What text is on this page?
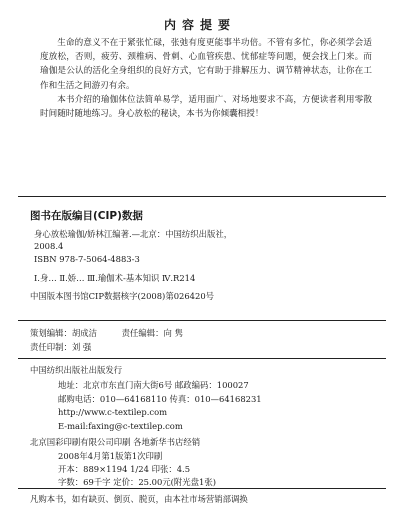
内容提要

生命的意义不在于紧张忙碌，张弛有度更能事半功倍。不管有多忙，你必须学会适度放松，否则，疲劳、颈椎病、骨刺、心血管疾患、忧郁症等问题，便会找上门来。而瑜伽是公认的活化全身组织的良好方式，它有助于排解压力、调节精神状态，让你在工作和生活之间游刃有余。

本书介绍的瑜伽体位法简单易学，适用面广、对场地要求不高，方便读者利用零散时间随时随地练习。身心放松的秘诀，本书为你倾囊相授！

图书在版编目(CIP)数据
身心放松瑜伽/娇林江编著.—北京：中国纺织出版社，
2008.4
ISBN 978-7-5064-4883-3
Ⅰ.身… Ⅱ.娇… Ⅲ.瑜伽术-基本知识 Ⅳ.R214
中国版本图书馆CIP数据核字(2008)第026420号
策划编辑：胡成洁	责任编辑：向 隽
责任印制：刘 强
中国纺织出版社出版发行
地址：北京市东直门南大街6号 邮政编码：100027
邮购电话：010—64168110 传真：010—64168231
http://www.c-textilep.com
E-mail:faxing@c-textilep.com
北京国彩印刷有限公司印刷 各地新华书店经销
2008年4月第1版第1次印刷
开本：889×1194 1/24 印张：4.5
字数：69千字 定价：25.00元(附光盘1张)
凡购本书，如有缺页、倒页、脱页，由本社市场营销部调换
